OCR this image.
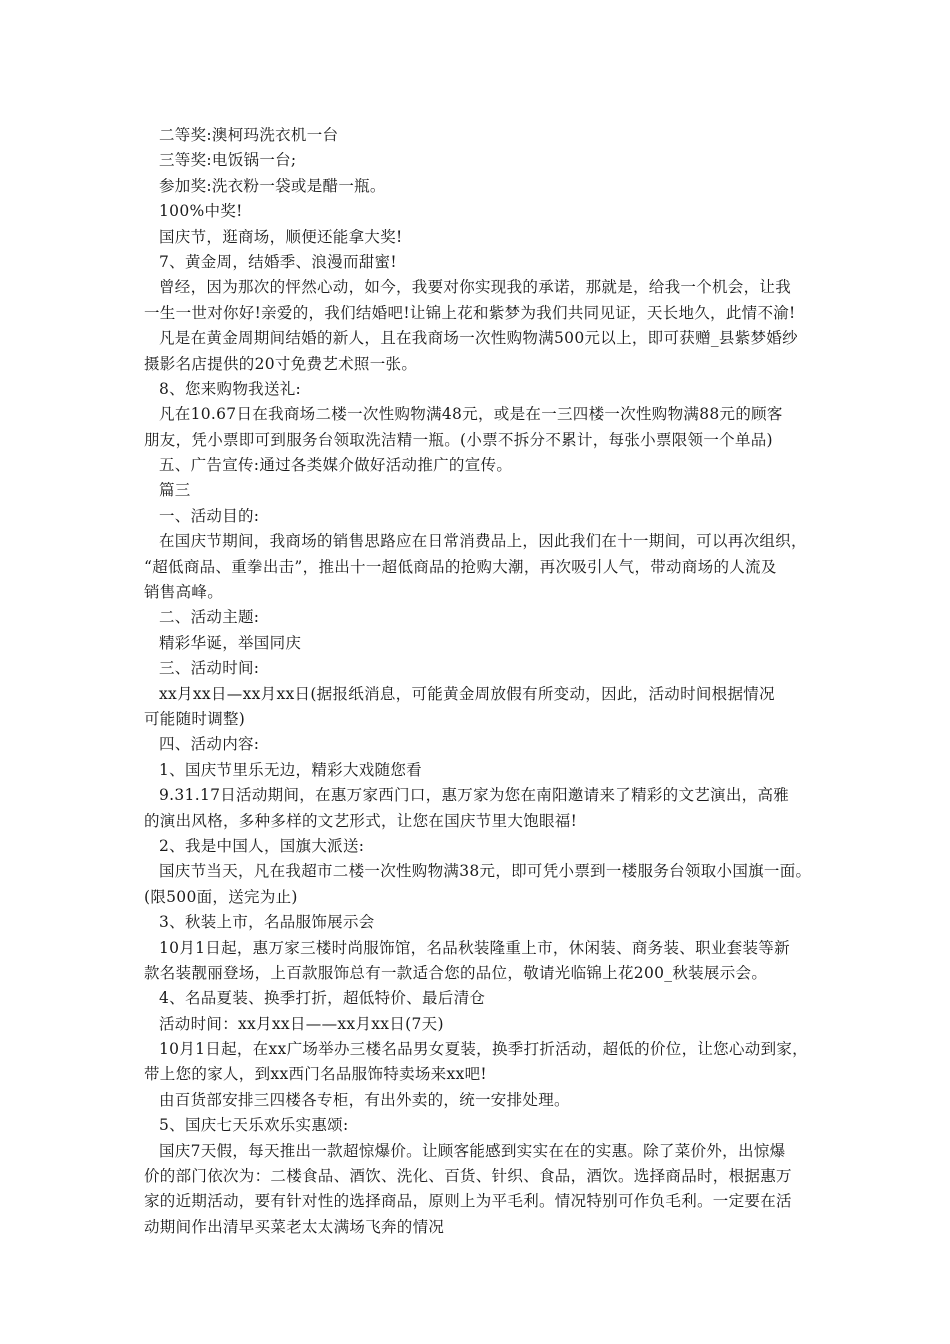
二等奖:澳柯玛洗衣机一台
三等奖:电饭锅一台;
参加奖:洗衣粉一袋或是醋一瓶。
100%中奖!
国庆节，逛商场，顺便还能拿大奖!
7、黄金周，结婚季、浪漫而甜蜜!
曾经，因为那次的怦然心动，如今，我要对你实现我的承诺，那就是，给我一个机会，让我
一生一世对你好!亲爱的，我们结婚吧!让锦上花和紫梦为我们共同见证，天长地久，此情不渝!
凡是在黄金周期间结婚的新人，且在我商场一次性购物满500元以上，即可获赠_县紫梦婚纱
摄影名店提供的20寸免费艺术照一张。
8、您来购物我送礼:
凡在10.67日在我商场二楼一次性购物满48元，或是在一三四楼一次性购物满88元的顾客
朋友，凭小票即可到服务台领取洗洁精一瓶。(小票不拆分不累计，每张小票限领一个单品)
五、广告宣传:通过各类媒介做好活动推广的宣传。
篇三
一、活动目的:
在国庆节期间，我商场的销售思路应在日常消费品上，因此我们在十一期间，可以再次组织，
“超低商品、重拳出击”，推出十一超低商品的抢购大潮，再次吸引人气，带动商场的人流及
销售高峰。
二、活动主题:
精彩华诞，举国同庆
三、活动时间:
xx月xx日—xx月xx日(据报纸消息，可能黄金周放假有所变动，因此，活动时间根据情况
可能随时调整)
四、活动内容:
1、国庆节里乐无边，精彩大戏随您看
9.31.17日活动期间，在惠万家西门口，惠万家为您在南阳邀请来了精彩的文艺演出，高雅
的演出风格，多种多样的文艺形式，让您在国庆节里大饱眼福!
2、我是中国人，国旗大派送:
国庆节当天，凡在我超市二楼一次性购物满38元，即可凭小票到一楼服务台领取小国旗一面。
(限500面，送完为止)
3、秋装上市，名品服饰展示会
10月1日起，惠万家三楼时尚服饰馆，名品秋装隆重上市，休闲装、商务装、职业套装等新
款名装靓丽登场，上百款服饰总有一款适合您的品位，敬请光临锦上花200_秋装展示会。
4、名品夏装、换季打折，超低特价、最后清仓
活动时间：xx月xx日——xx月xx日(7天)
10月1日起，在xx广场举办三楼名品男女夏装，换季打折活动，超低的价位，让您心动到家，
带上您的家人，到xx西门名品服饰特卖场来xx吧!
由百货部安排三四楼各专柜，有出外卖的，统一安排处理。
5、国庆七天乐欢乐实惠颂:
国庆7天假，每天推出一款超惊爆价。让顾客能感到实实在在的实惠。除了菜价外，出惊爆
价的部门依次为：二楼食品、酒饮、洗化、百货、针织、食品，酒饮。选择商品时，根据惠万
家的近期活动，要有针对性的选择商品，原则上为平毛利。情况特别可作负毛利。一定要在活
动期间作出清早买菜老太太满场飞奔的情况
